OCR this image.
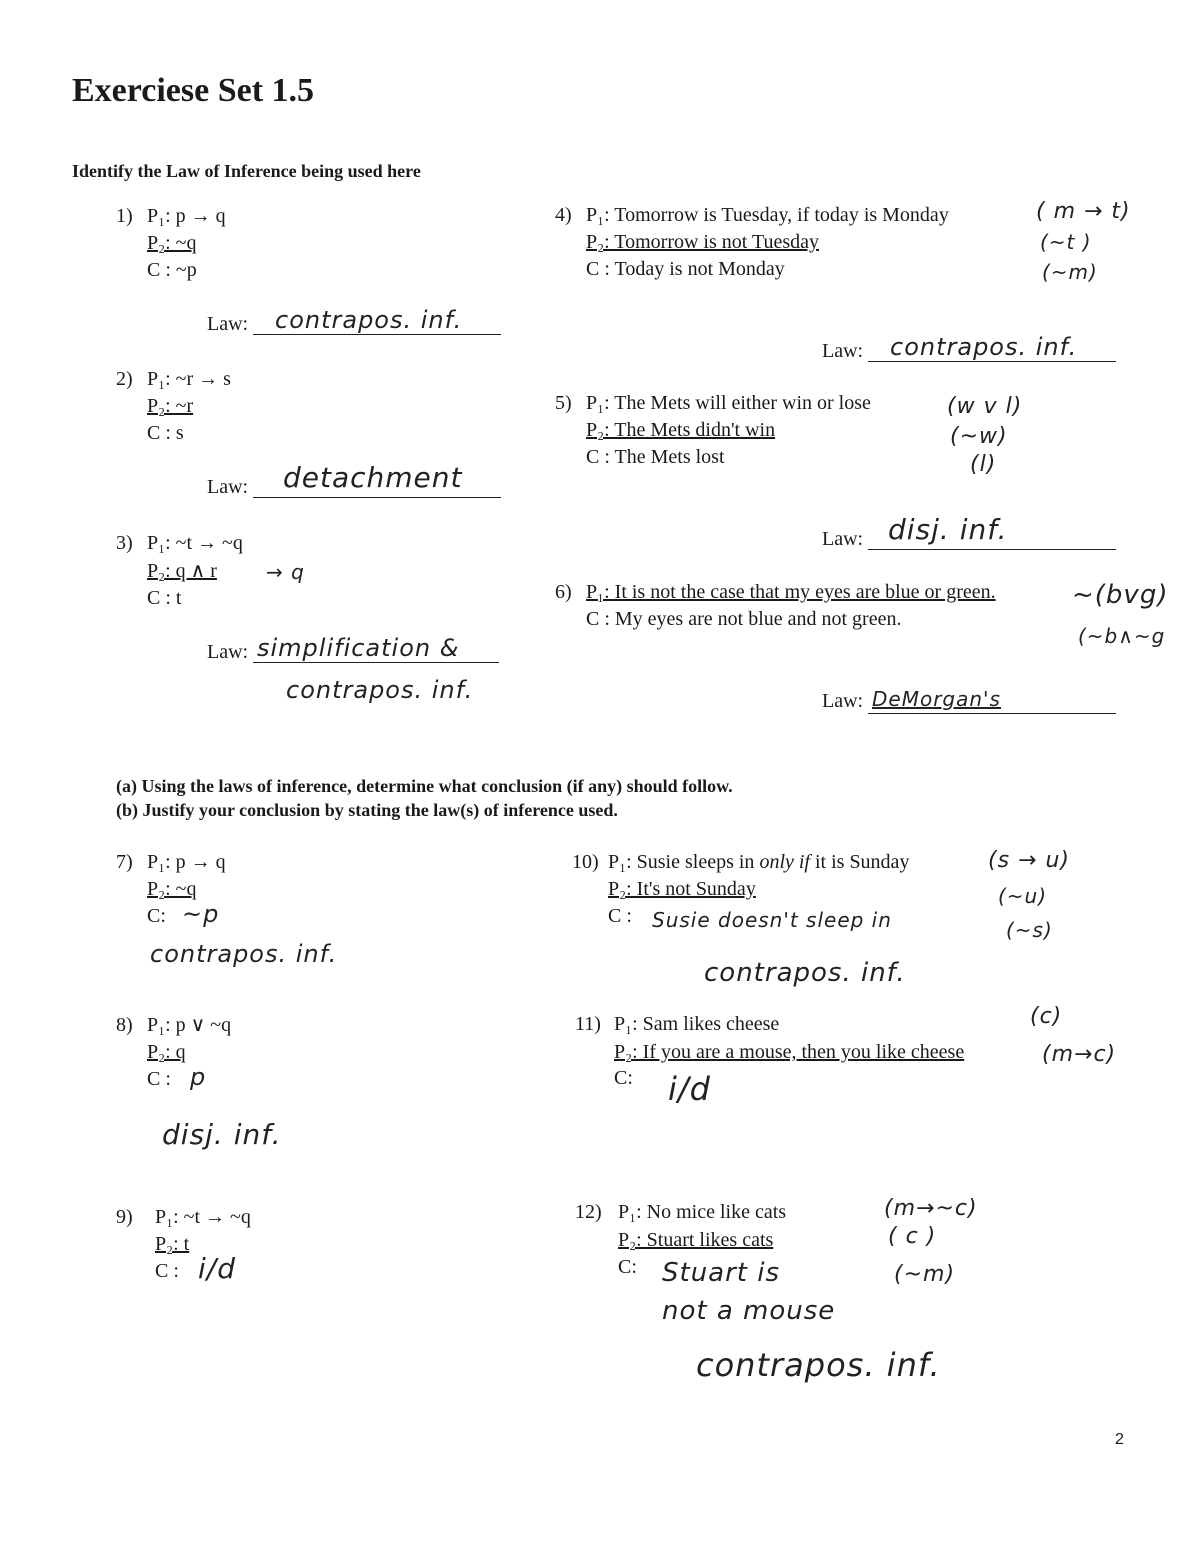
Exerciese Set 1.5
Identify the Law of Inference being used here
1) P₁: p → q
P₂: ~q
C : ~p
Law: contrapos. inf.
2) P₁: ~r → s
P₂: ~r
C : s
Law: detachment
3) P₁: ~t → ~q
P₂: q ∧ r → q
C : t
Law: simplification &
contrapos. inf.
4) P₁: Tomorrow is Tuesday, if today is Monday
P₂: Tomorrow is not Tuesday
C : Today is not Monday
( m → t)
(~t )
(~m)
Law: contrapos. inf.
5) P₁: The Mets will either win or lose
P₂: The Mets didn't win
C : The Mets lost
(w v l)
(~w)
(l)
Law: disj. inf.
6) P₁: It is not the case that my eyes are blue or green.
C : My eyes are not blue and not green.
~(bvg)
(~b∧~g
Law: DeMorgan's
(a) Using the laws of inference, determine what conclusion (if any) should follow.
(b) Justify your conclusion by stating the law(s) of inference used.
7) P₁: p → q
P₂: ~q
C: ~p
contrapos. inf.
8) P₁: p ∨ ~q
P₂: q
C : p
disj. inf.
9) P₁: ~t → ~q
P₂: t
C : i/d
10) P₁: Susie sleeps in only if it is Sunday
P₂: It's not Sunday
C : Susie doesn't sleep in
(s → u)
(~u)
(~s)
contrapos. inf.
11) P₁: Sam likes cheese
P₂: If you are a mouse, then you like cheese
C: i/d
(c)
(m→c)
12) P₁: No mice like cats
P₂: Stuart likes cats
C: Stuart is
not a mouse
(m→~c)
( c )
(~m)
contrapos. inf.
2
